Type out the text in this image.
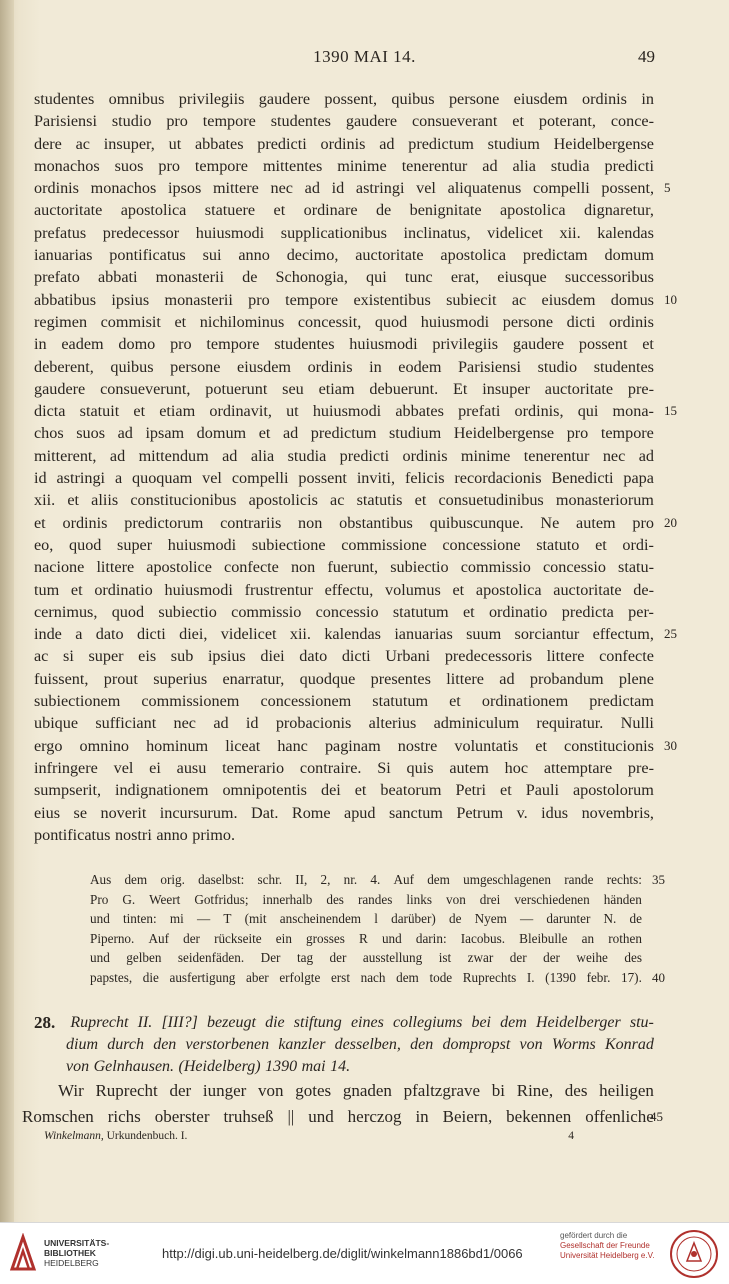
1390 MAI 14.	49
studentes omnibus privilegiis gaudere possent, quibus persone eiusdem ordinis in
Parisiensi studio pro tempore studentes gaudere consueverant et poterant, conce-
dere ac insuper, ut abbates predicti ordinis ad predictum studium Heidelbergense
monachos suos pro tempore mittentes minime tenerentur ad alia studia predicti
ordinis monachos ipsos mittere nec ad id astringi vel aliquatenus compelli possent, 5
auctoritate apostolica statuere et ordinare de benignitate apostolica dignaretur,
prefatus predecessor huiusmodi supplicationibus inclinatus, videlicet xii. kalendas
ianuarias pontificatus sui anno decimo, auctoritate apostolica predictam domum
prefato abbati monasterii de Schonogia, qui tunc erat, eiusque successoribus
abbatibus ipsius monasterii pro tempore existentibus subiecit ac eiusdem domus 10
regimen commisit et nichilominus concessit, quod huiusmodi persone dicti ordinis
in eadem domo pro tempore studentes huiusmodi privilegiis gaudere possent et
deberent, quibus persone eiusdem ordinis in eodem Parisiensi studio studentes
gaudere consueverunt, potuerunt seu etiam debuerunt. Et insuper auctoritate pre-
dicta statuit et etiam ordinavit, ut huiusmodi abbates prefati ordinis, qui mona- 15
chos suos ad ipsam domum et ad predictum studium Heidelbergense pro tempore
mitterent, ad mittendum ad alia studia predicti ordinis minime tenerentur nec ad
id astringi a quoquam vel compelli possent inviti, felicis recordacionis Benedicti papa
xii. et aliis constitucionibus apostolicis ac statutis et consuetudinibus monasteriorum
et ordinis predictorum contrariis non obstantibus quibuscunque. Ne autem pro 20
eo, quod super huiusmodi subiectione commissione concessione statuto et ordi-
nacione littere apostolice confecte non fuerunt, subiectio commissio concessio statu-
tum et ordinatio huiusmodi frustrentur effectu, volumus et apostolica auctoritate de-
cernimus, quod subiectio commissio concessio statutum et ordinatio predicta per-
inde a dato dicti diei, videlicet xii. kalendas ianuarias suum sorciantur effectum, 25
ac si super eis sub ipsius diei dato dicti Urbani predecessoris littere confecte
fuissent, prout superius enarratur, quodque presentes littere ad probandum plene
subiectionem commissionem concessionem statutum et ordinationem predictam
ubique sufficiant nec ad id probacionis alterius adminiculum requiratur. Nulli
ergo omnino hominum liceat hanc paginam nostre voluntatis et constitucionis 30
infringere vel ei ausu temerario contraire. Si quis autem hoc attemptare pre-
sumpserit, indignationem omnipotentis dei et beatorum Petri et Pauli apostolorum
eius se noverit incursurum. Dat. Rome apud sanctum Petrum v. idus novembris,
pontificatus nostri anno primo.
Aus dem orig. daselbst: schr. II, 2, nr. 4. Auf dem umgeschlagenen rande rechts: 35
Pro G. Weert Gotfridus; innerhalb des randes links von drei verschiedenen händen
und tinten: mi — T (mit anscheinendem l darüber) de Nyem — darunter N. de
Piperno. Auf der rückseite ein grosses R und darin: Iacobus. Bleibulle an rothen
und gelben seidenfäden. Der tag der ausstellung ist zwar der der weihe des
papstes, die ausfertigung aber erfolgte erst nach dem tode Ruprechts I. (1390 febr. 17). 40
28. Ruprecht II. [III?] bezeugt die stiftung eines collegiums bei dem Heidelberger stu-
dium durch den verstorbenen kanzler desselben, den dompropst von Worms Konrad
von Gelnhausen. (Heidelberg) 1390 mai 14.
Wir Ruprecht der iunger von gotes gnaden pfaltzgrave bi Rine, des heiligen
Romschen richs oberster truhseß || und herczog in Beiern, bekennen offenliche
45
Winkelmann, Urkundenbuch. I.	4
UNIVERSITÄTS-
BIBLIOTHEK
HEIDELBERG
http://digi.ub.uni-heidelberg.de/diglit/winkelmann1886bd1/0066
gefördert durch die
Gesellschaft der Freunde
Universität Heidelberg e.V.
